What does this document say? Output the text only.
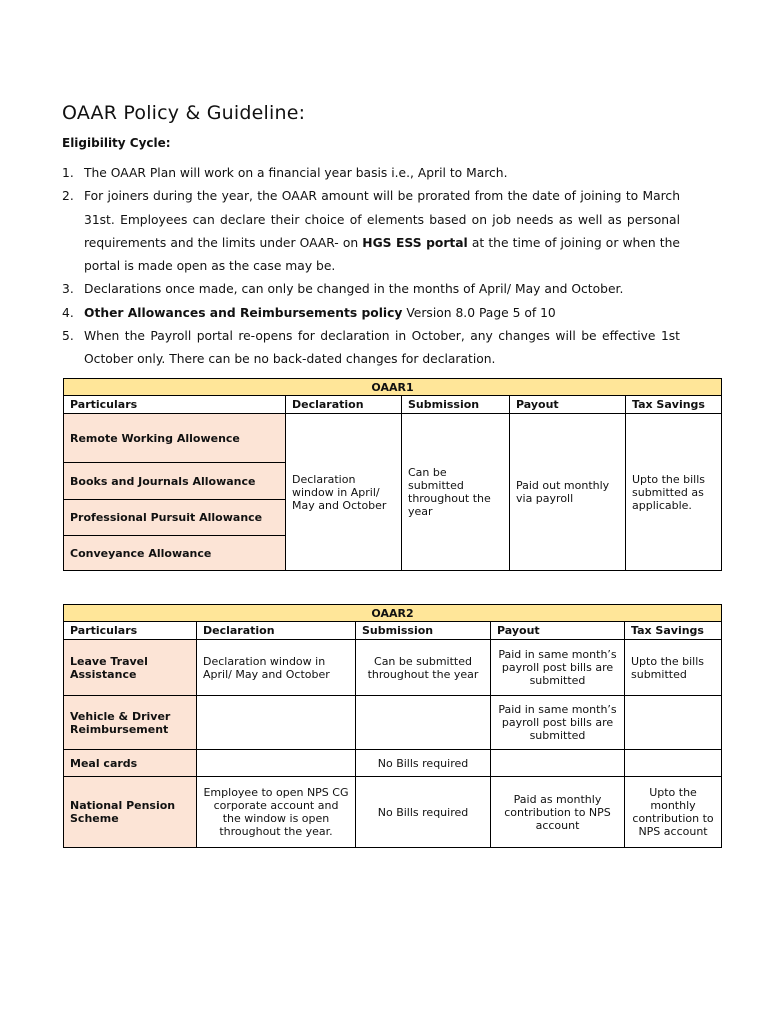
OAAR Policy & Guideline:
Eligibility Cycle:
1. The OAAR Plan will work on a financial year basis i.e., April to March.
2. For joiners during the year, the OAAR amount will be prorated from the date of joining to March 31st. Employees can declare their choice of elements based on job needs as well as personal requirements and the limits under OAAR- on HGS ESS portal at the time of joining or when the portal is made open as the case may be.
3. Declarations once made, can only be changed in the months of April/ May and October.
4. Other Allowances and Reimbursements policy Version 8.0 Page 5 of 10
5. When the Payroll portal re-opens for declaration in October, any changes will be effective 1st October only. There can be no back-dated changes for declaration.
OAAR1				
Particulars	Declaration	Submission	Payout	Tax Savings
Remote Working Allowence	Declaration window in April/ May and October	Can be submitted throughout the year	Paid out monthly via payroll	Upto the bills submitted as applicable.
Books and Journals Allowance				
Professional Pursuit Allowance				
Conveyance Allowance				
OAAR2				
Particulars	Declaration	Submission	Payout	Tax Savings
Leave Travel Assistance	Declaration window in April/ May and October	Can be submitted throughout the year	Paid in same month’s payroll post bills are submitted	Upto the bills submitted
Vehicle & Driver Reimbursement			Paid in same month’s payroll post bills are submitted	
Meal cards		No Bills required		
National Pension Scheme	Employee to open NPS CG corporate account and the window is open throughout the year.	No Bills required	Paid as monthly contribution to NPS account	Upto the monthly contribution to NPS account
